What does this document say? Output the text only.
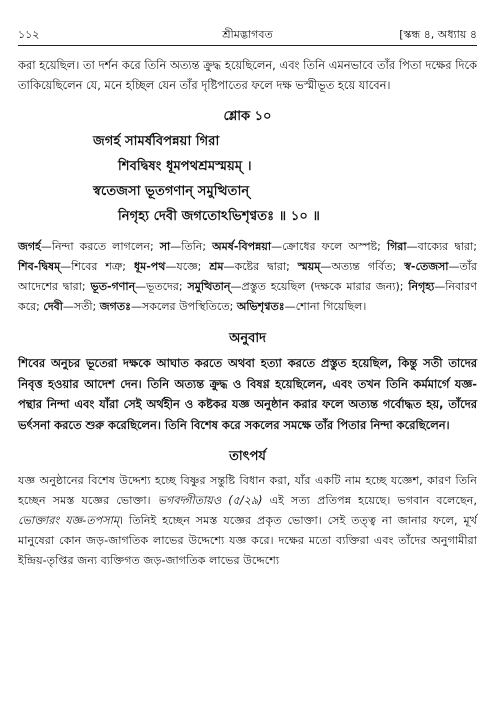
১১২	শ্রীমদ্ভাগবত	[স্কন্ধ ৪, অধ্যায় ৪

করা হয়েছিল। তা দর্শন করে তিনি অত্যন্ত ক্রুদ্ধ হয়েছিলেন, এবং তিনি এমনভাবে তাঁর পিতা দক্ষের দিকে তাকিয়েছিলেন যে, মনে হচ্ছিল যেন তাঁর দৃষ্টিপাতের ফলে দক্ষ ভস্মীভূত হয়ে যাবেন।

শ্লোক ১০
জগর্হ সামর্ষবিপন্নয়া গিরা
শিবদ্বিষং ধূমপথশ্রমস্ময়ম্ ।
স্বতেজসা ভূতগণান্ সমুত্থিতান্
নিগৃহ্য দেবী জগতোঽভিশৃণ্বতঃ ॥ ১০ ॥

জগর্হ—নিন্দা করতে লাগলেন; সা—তিনি; অমর্ষ-বিপন্নয়া—ক্রোধের ফলে অস্পষ্ট; গিরা—বাক্যের দ্বারা; শিব-দ্বিষম্—শিবের শত্রু; ধূম-পথ—যজ্ঞে; শ্রম—কষ্টের দ্বারা; স্ময়ম্—অত্যন্ত গর্বিত; স্ব-তেজসা—তাঁর আদেশের দ্বারা; ভূত-গণান্—ভূতদের; সমুত্থিতান্—প্রস্তুত হয়েছিল (দক্ষকে মারার জন্য); নিগৃহ্য—নিবারণ করে; দেবী—সতী; জগতঃ—সকলের উপস্থিতিতে; অভিশৃণ্বতঃ—শোনা গিয়েছিল।

অনুবাদ

শিবের অনুচর ভূতেরা দক্ষকে আঘাত করতে অথবা হত্যা করতে প্রস্তুত হয়েছিল, কিন্তু সতী তাদের নিবৃত্ত হওয়ার আদেশ দেন। তিনি অত্যন্ত ক্রুদ্ধ ও বিষণ্ণ হয়েছিলেন, এবং তখন তিনি কর্মমার্গে যজ্ঞ-পন্থার নিন্দা এবং যাঁরা সেই অর্থহীন ও কষ্টকর যজ্ঞ অনুষ্ঠান করার ফলে অত্যন্ত গর্বোদ্ধত হয়, তাঁদের ভর্ৎসনা করতে শুরু করেছিলেন। তিনি বিশেষ করে সকলের সমক্ষে তাঁর পিতার নিন্দা করেছিলেন।

তাৎপর্য

যজ্ঞ অনুষ্ঠানের বিশেষ উদ্দেশ্য হচ্ছে বিষ্ণুর সন্তুষ্টি বিধান করা, যাঁর একটি নাম হচ্ছে যজ্ঞেশ, কারণ তিনি হচ্ছেন সমস্ত যজ্ঞের ভোক্তা। ভগবদ্গীতায়ও (৫/২৯) এই সত্য প্রতিপন্ন হয়েছে। ভগবান বলেছেন, ভোক্তারং যজ্ঞ-তপসাম্। তিনিই হচ্ছেন সমস্ত যজ্ঞের প্রকৃত ভোক্তা। সেই তত্ত্ব না জানার ফলে, মূর্খ মানুষেরা কোন জড়-জাগতিক লাভের উদ্দেশ্যে যজ্ঞ করে। দক্ষের মতো ব্যক্তিরা এবং তাঁদের অনুগামীরা ইন্দ্রিয়-তৃপ্তির জন্য ব্যক্তিগত জড়-জাগতিক লাভের উদ্দেশ্যে
